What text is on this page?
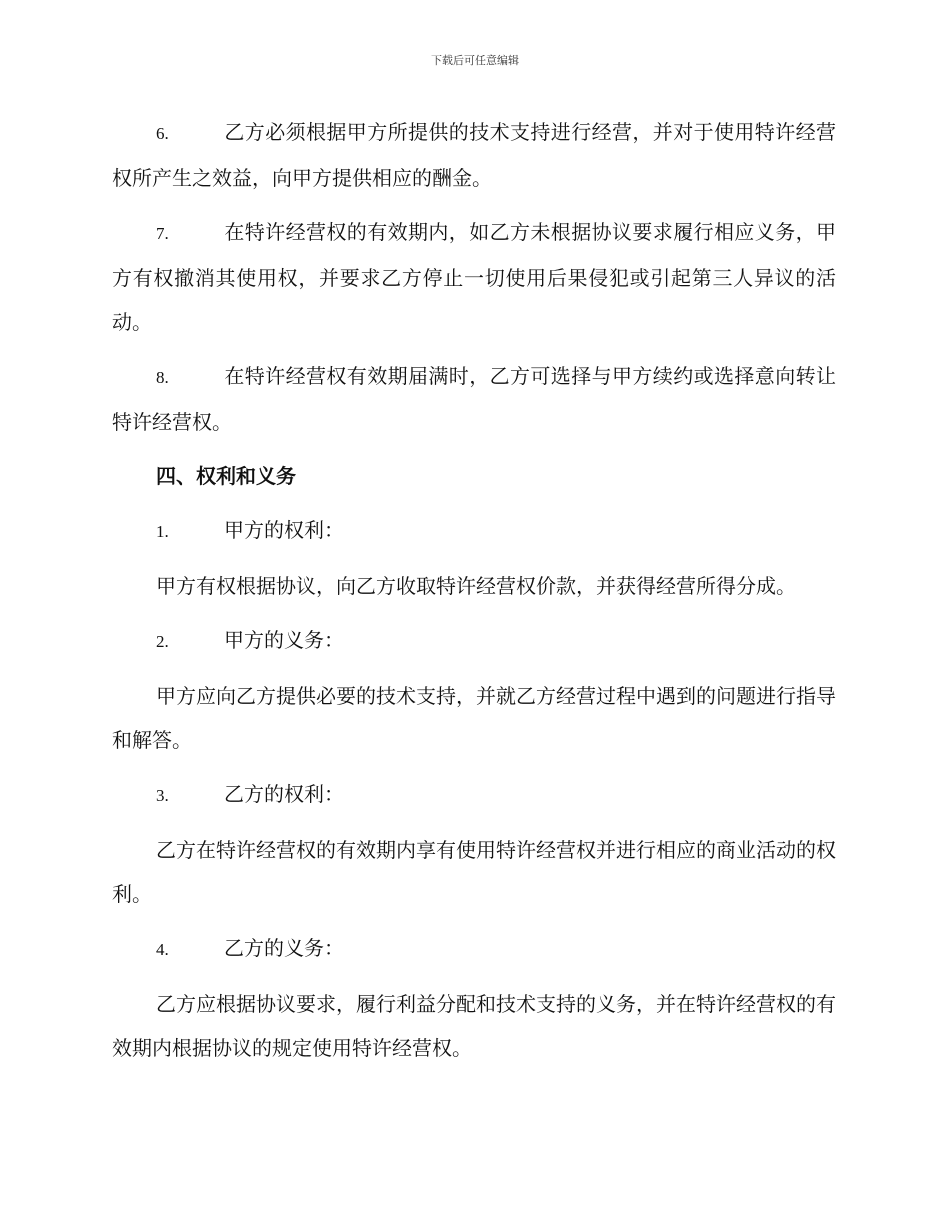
下载后可任意编辑

6.	乙方必须根据甲方所提供的技术支持进行经营，并对于使用特许经营权所产生之效益，向甲方提供相应的酬金。

7.	在特许经营权的有效期内，如乙方未根据协议要求履行相应义务，甲方有权撤消其使用权，并要求乙方停止一切使用后果侵犯或引起第三人异议的活动。

8.	在特许经营权有效期届满时，乙方可选择与甲方续约或选择意向转让特许经营权。

四、权利和义务
1.	甲方的权利：

甲方有权根据协议，向乙方收取特许经营权价款，并获得经营所得分成。

2.	甲方的义务：

甲方应向乙方提供必要的技术支持，并就乙方经营过程中遇到的问题进行指导和解答。

3.	乙方的权利：

乙方在特许经营权的有效期内享有使用特许经营权并进行相应的商业活动的权利。

4.	乙方的义务：

乙方应根据协议要求，履行利益分配和技术支持的义务，并在特许经营权的有效期内根据协议的规定使用特许经营权。
